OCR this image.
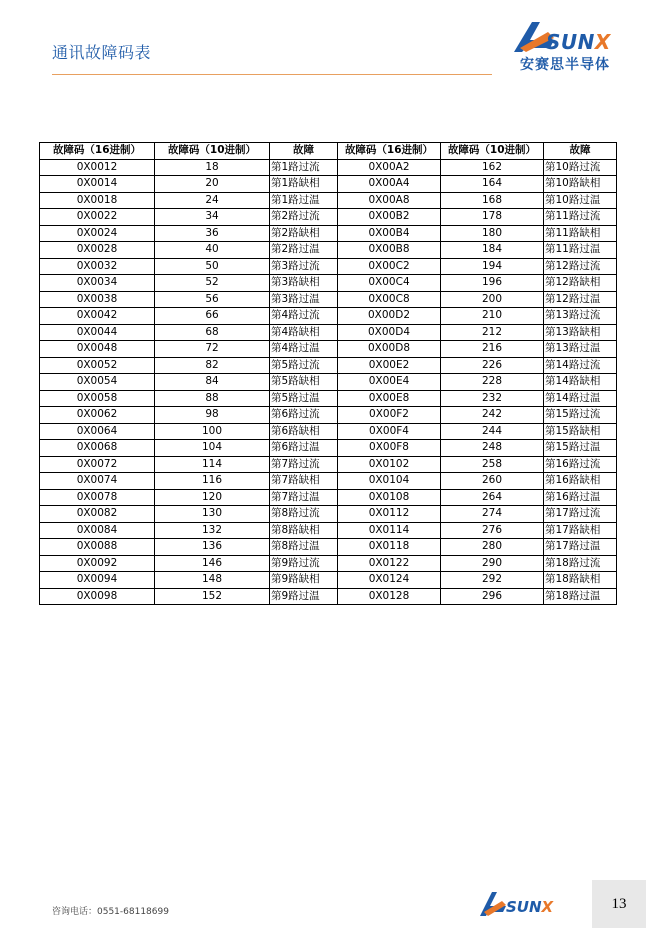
通讯故障码表	SUNX
安赛思半导体
故障码（16进制）	故障码（10进制）	故障	故障码（16进制）	故障码（10进制）	故障
0X0012	18	第1路过流	0X00A2	162	第10路过流
0X0014	20	第1路缺相	0X00A4	164	第10路缺相
0X0018	24	第1路过温	0X00A8	168	第10路过温
0X0022	34	第2路过流	0X00B2	178	第11路过流
0X0024	36	第2路缺相	0X00B4	180	第11路缺相
0X0028	40	第2路过温	0X00B8	184	第11路过温
0X0032	50	第3路过流	0X00C2	194	第12路过流
0X0034	52	第3路缺相	0X00C4	196	第12路缺相
0X0038	56	第3路过温	0X00C8	200	第12路过温
0X0042	66	第4路过流	0X00D2	210	第13路过流
0X0044	68	第4路缺相	0X00D4	212	第13路缺相
0X0048	72	第4路过温	0X00D8	216	第13路过温
0X0052	82	第5路过流	0X00E2	226	第14路过流
0X0054	84	第5路缺相	0X00E4	228	第14路缺相
0X0058	88	第5路过温	0X00E8	232	第14路过温
0X0062	98	第6路过流	0X00F2	242	第15路过流
0X0064	100	第6路缺相	0X00F4	244	第15路缺相
0X0068	104	第6路过温	0X00F8	248	第15路过温
0X0072	114	第7路过流	0X0102	258	第16路过流
0X0074	116	第7路缺相	0X0104	260	第16路缺相
0X0078	120	第7路过温	0X0108	264	第16路过温
0X0082	130	第8路过流	0X0112	274	第17路过流
0X0084	132	第8路缺相	0X0114	276	第17路缺相
0X0088	136	第8路过温	0X0118	280	第17路过温
0X0092	146	第9路过流	0X0122	290	第18路过流
0X0094	148	第9路缺相	0X0124	292	第18路缺相
0X0098	152	第9路过温	0X0128	296	第18路过温
咨询电话：0551-68118699	SUNX	13
